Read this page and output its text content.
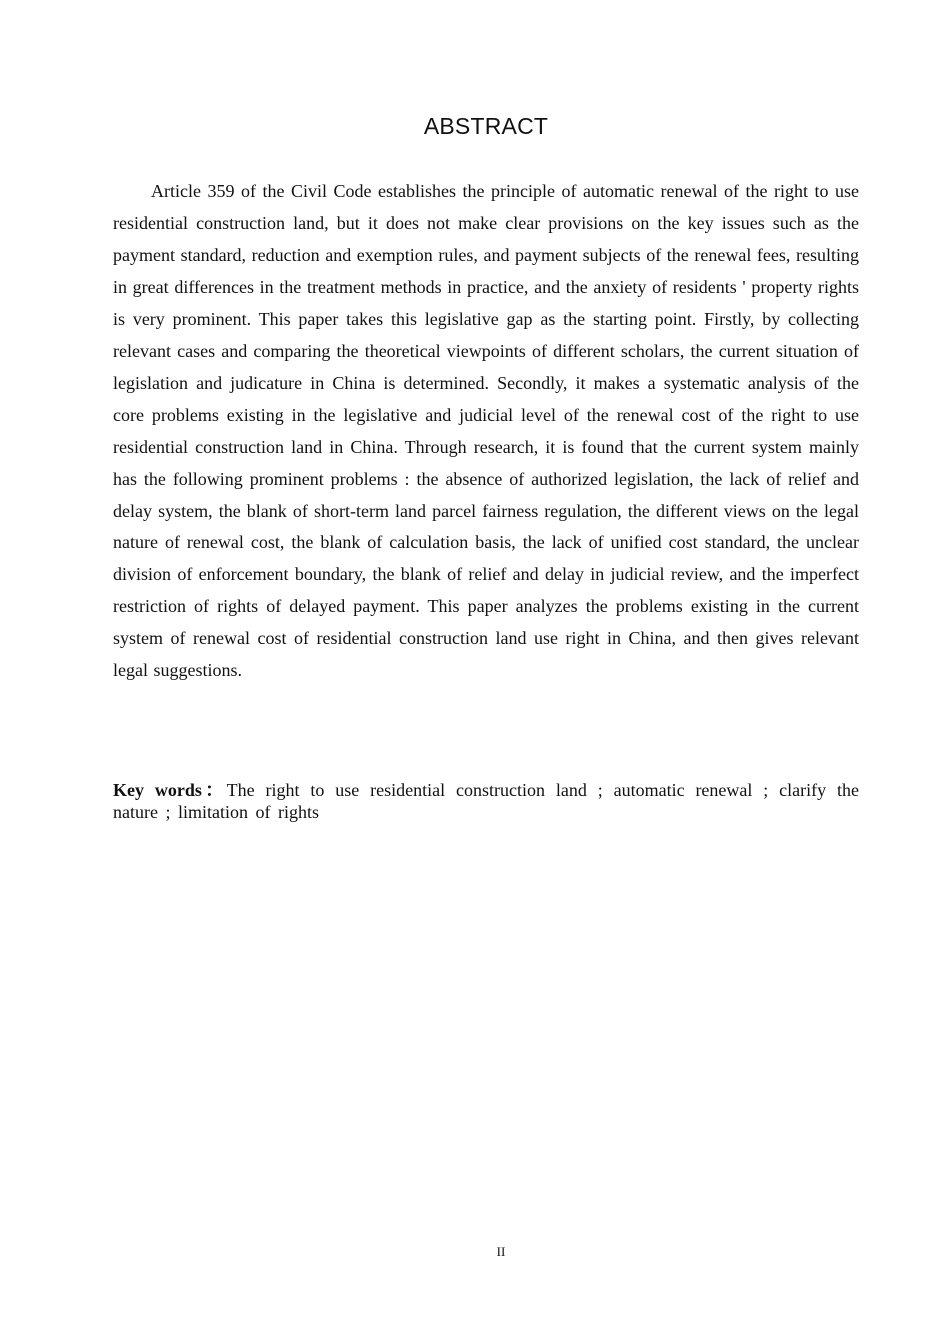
ABSTRACT

Article 359 of the Civil Code establishes the principle of automatic renewal of the right to use residential construction land, but it does not make clear provisions on the key issues such as the payment standard, reduction and exemption rules, and payment subjects of the renewal fees, resulting in great differences in the treatment methods in practice, and the anxiety of residents ' property rights is very prominent. This paper takes this legislative gap as the starting point. Firstly, by collecting relevant cases and comparing the theoretical viewpoints of different scholars, the current situation of legislation and judicature in China is determined. Secondly, it makes a systematic analysis of the core problems existing in the legislative and judicial level of the renewal cost of the right to use residential construction land in China. Through research, it is found that the current system mainly has the following prominent problems : the absence of authorized legislation, the lack of relief and delay system, the blank of short-term land parcel fairness regulation, the different views on the legal nature of renewal cost, the blank of calculation basis, the lack of unified cost standard, the unclear division of enforcement boundary, the blank of relief and delay in judicial review, and the imperfect restriction of rights of delayed payment. This paper analyzes the problems existing in the current system of renewal cost of residential construction land use right in China, and then gives relevant legal suggestions.

Key words：The right to use residential construction land ; automatic renewal ; clarify the nature ; limitation of rights

II
